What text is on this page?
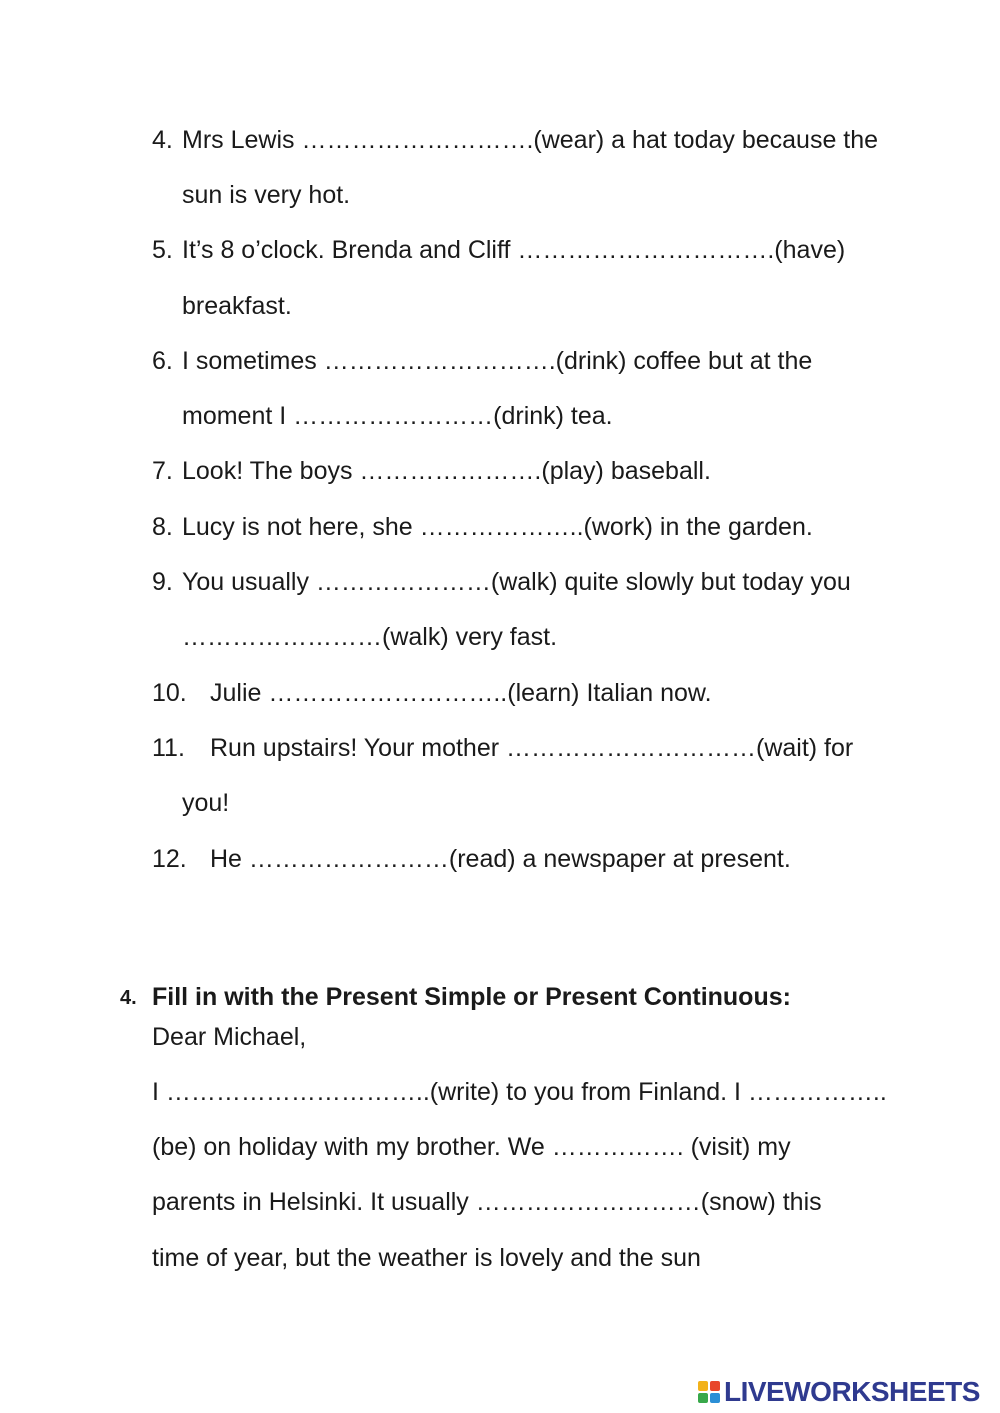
4. Mrs Lewis ……………………….(wear) a hat today because the
sun is very hot.
5. It’s 8 o’clock. Brenda and Cliff ………………………….(have)
breakfast.
6. I sometimes ……………………….(drink) coffee but at the
moment I ……………………(drink) tea.
7. Look! The boys ………………….(play) baseball.
8. Lucy is not here, she ………………..(work) in the garden.
9. You usually …………………(walk) quite slowly but today you
……………………(walk) very fast.
10. Julie ………………………..(learn) Italian now.
11. Run upstairs! Your mother …………………………(wait) for
you!
12. He ……………………(read) a newspaper at present.
4. Fill in with the Present Simple or Present Continuous:
Dear Michael,
I …………………………..(write) to you from Finland. I ……………..
(be) on holiday with my brother. We ……………. (visit) my
parents in Helsinki. It usually ………………………(snow) this
time of year, but the weather is lovely and the sun
LIVEWORKSHEETS
